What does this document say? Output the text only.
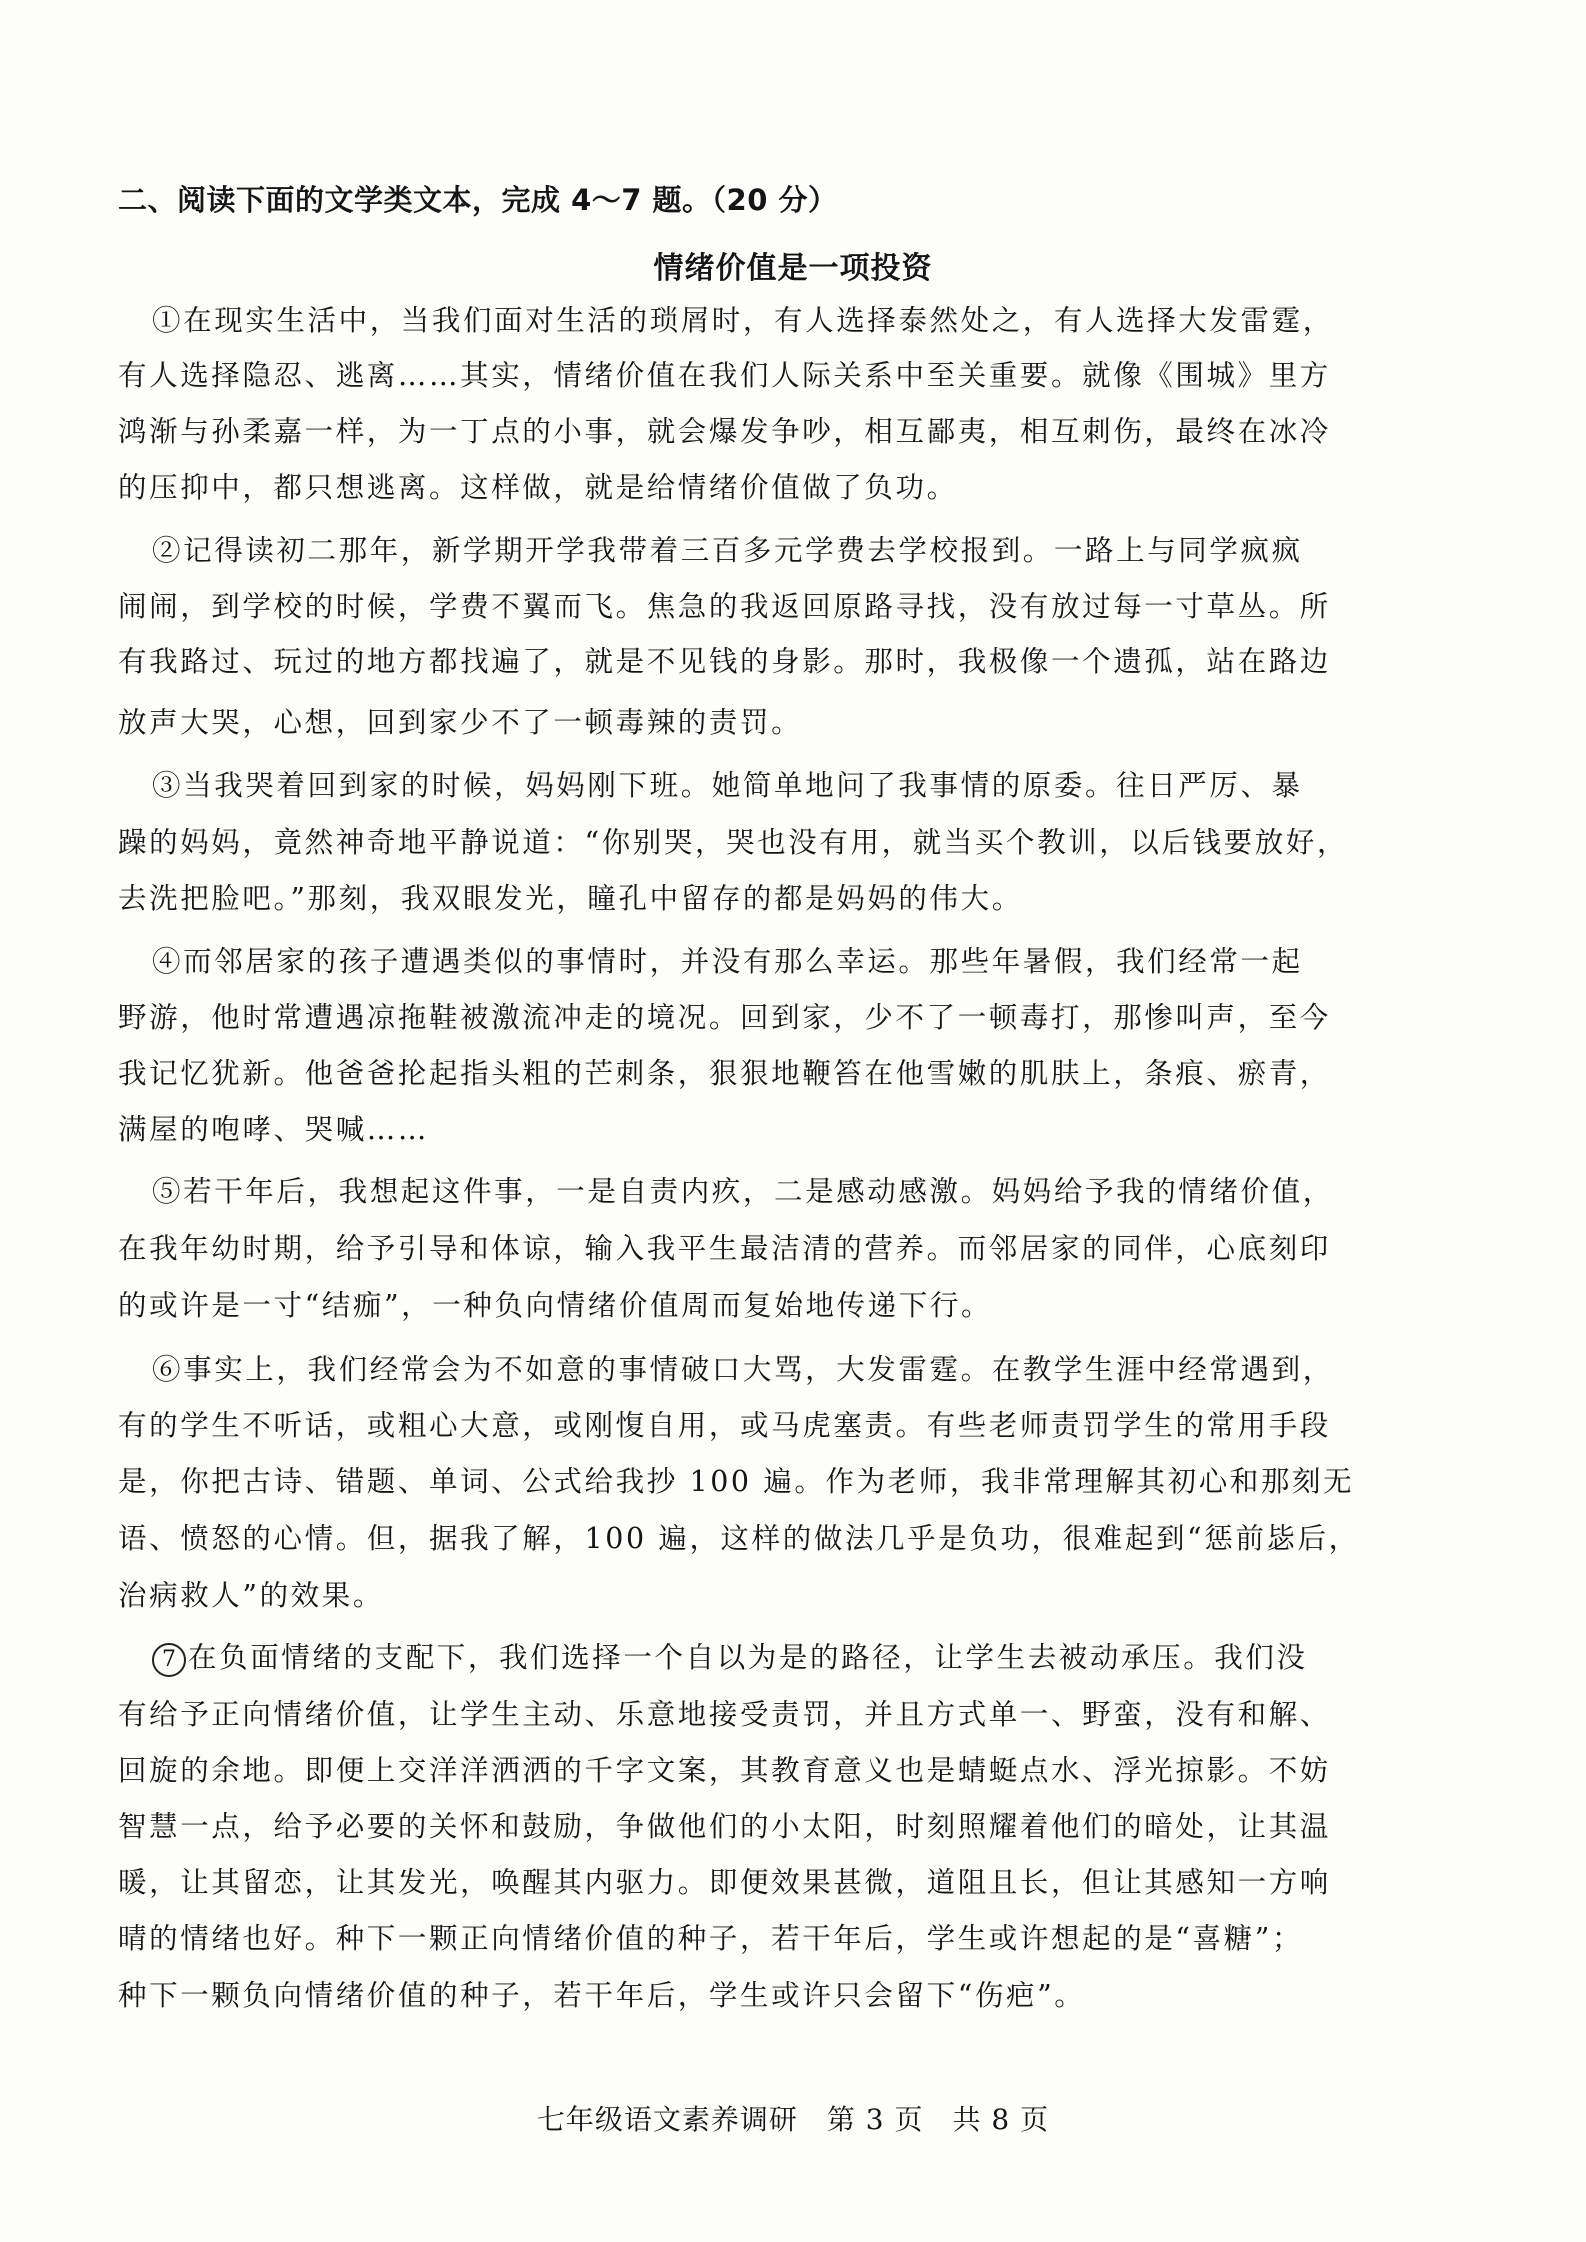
二、阅读下面的文学类文本，完成 4～7 题。（20 分）
情绪价值是一项投资
①在现实生活中，当我们面对生活的琐屑时，有人选择泰然处之，有人选择大发雷霆，
有人选择隐忍、逃离……其实，情绪价值在我们人际关系中至关重要。就像《围城》里方
鸿渐与孙柔嘉一样，为一丁点的小事，就会爆发争吵，相互鄙夷，相互刺伤，最终在冰冷
的压抑中，都只想逃离。这样做，就是给情绪价值做了负功。
②记得读初二那年，新学期开学我带着三百多元学费去学校报到。一路上与同学疯疯
闹闹，到学校的时候，学费不翼而飞。焦急的我返回原路寻找，没有放过每一寸草丛。所
有我路过、玩过的地方都找遍了，就是不见钱的身影。那时，我极像一个遗孤，站在路边
放声大哭，心想，回到家少不了一顿毒辣的责罚。
③当我哭着回到家的时候，妈妈刚下班。她简单地问了我事情的原委。往日严厉、暴
躁的妈妈，竟然神奇地平静说道：“你别哭，哭也没有用，就当买个教训，以后钱要放好，
去洗把脸吧。”那刻，我双眼发光，瞳孔中留存的都是妈妈的伟大。
④而邻居家的孩子遭遇类似的事情时，并没有那么幸运。那些年暑假，我们经常一起
野游，他时常遭遇凉拖鞋被激流冲走的境况。回到家，少不了一顿毒打，那惨叫声，至今
我记忆犹新。他爸爸抡起指头粗的芒刺条，狠狠地鞭笞在他雪嫩的肌肤上，条痕、瘀青，
满屋的咆哮、哭喊……
⑤若干年后，我想起这件事，一是自责内疚，二是感动感激。妈妈给予我的情绪价值，
在我年幼时期，给予引导和体谅，输入我平生最洁清的营养。而邻居家的同伴，心底刻印
的或许是一寸“结痂”，一种负向情绪价值周而复始地传递下行。
⑥事实上，我们经常会为不如意的事情破口大骂，大发雷霆。在教学生涯中经常遇到，
有的学生不听话，或粗心大意，或刚愎自用，或马虎塞责。有些老师责罚学生的常用手段
是，你把古诗、错题、单词、公式给我抄 100 遍。作为老师，我非常理解其初心和那刻无
语、愤怒的心情。但，据我了解，100 遍，这样的做法几乎是负功，很难起到“惩前毖后，
治病救人”的效果。
7 在负面情绪的支配下，我们选择一个自以为是的路径，让学生去被动承压。我们没
有给予正向情绪价值，让学生主动、乐意地接受责罚，并且方式单一、野蛮，没有和解、
回旋的余地。即便上交洋洋洒洒的千字文案，其教育意义也是蜻蜓点水、浮光掠影。不妨
智慧一点，给予必要的关怀和鼓励，争做他们的小太阳，时刻照耀着他们的暗处，让其温
暖，让其留恋，让其发光，唤醒其内驱力。即便效果甚微，道阻且长，但让其感知一方响
晴的情绪也好。种下一颗正向情绪价值的种子，若干年后，学生或许想起的是“喜糖”；
种下一颗负向情绪价值的种子，若干年后，学生或许只会留下“伤疤”。
七年级语文素养调研　第 3 页　共 8 页
